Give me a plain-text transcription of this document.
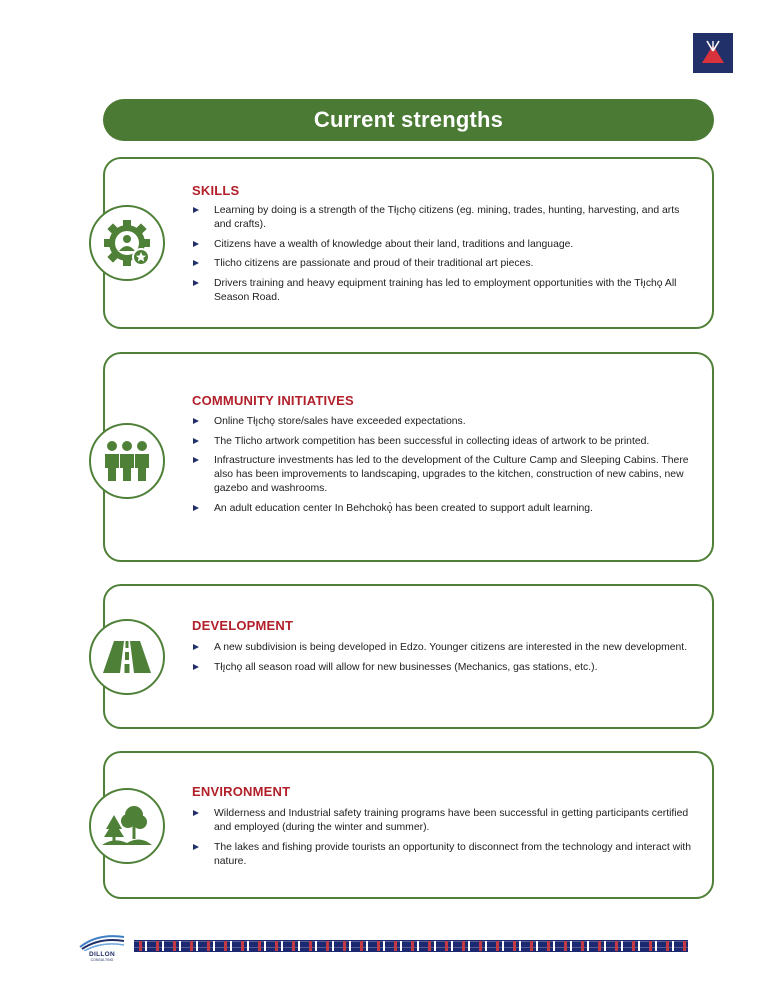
Current strengths
SKILLS
Learning by doing is a strength of the Tłı̨chǫ citizens (eg. mining, trades, hunting, harvesting, and arts and crafts).
Citizens have a wealth of knowledge about their land, traditions and language.
Tlicho citizens are passionate and proud of their traditional art pieces.
Drivers training and heavy equipment training has led to employment opportunities with the Tłı̨chǫ All Season Road.
COMMUNITY INITIATIVES
Online Tłı̨chǫ store/sales have exceeded expectations.
The Tlicho artwork competition has been successful in collecting ideas of artwork to be printed.
Infrastructure investments has led to the development of the Culture Camp and Sleeping Cabins. There also has been improvements to landscaping, upgrades to the kitchen, construction of new cabins, new gazebo and washrooms.
An adult education center In Behchokǫ̀ has been created to support adult learning.
DEVELOPMENT
A new subdivision is being developed in Edzo. Younger citizens are interested in the new development.
Tłı̨chǫ all season road will allow for new businesses (Mechanics, gas stations, etc.).
ENVIRONMENT
Wilderness and Industrial safety training programs have been successful in getting participants certified and employed (during the winter and summer).
The lakes and fishing provide tourists an opportunity to disconnect from the technology and interact with nature.
DILLON
CONSULTING
